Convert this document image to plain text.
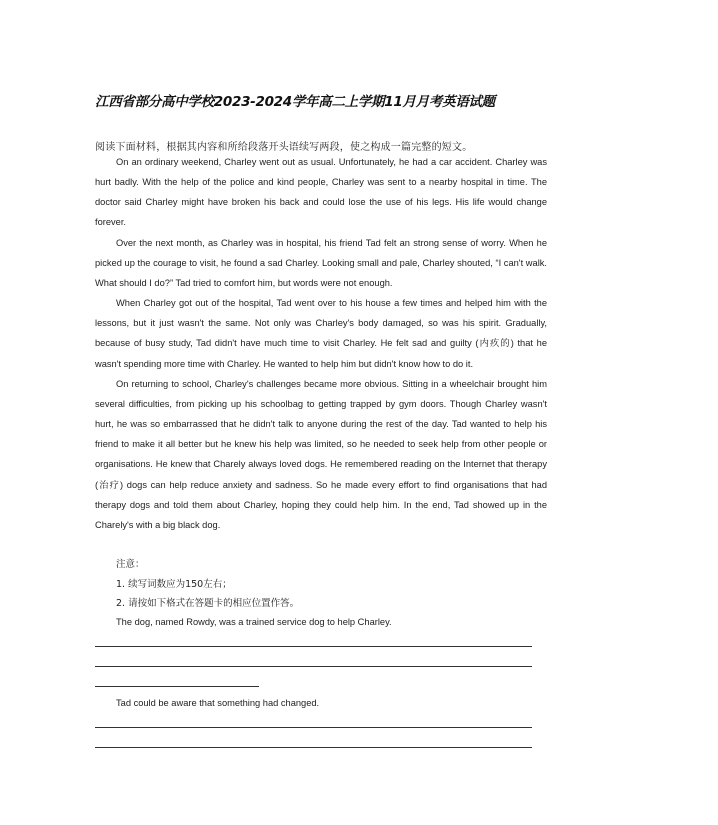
江西省部分高中学校2023-2024学年高二上学期11月月考英语试题
阅读下面材料，根据其内容和所给段落开头语续写两段，使之构成一篇完整的短文。

On an ordinary weekend, Charley went out as usual. Unfortunately, he had a car accident. Charley was hurt badly. With the help of the police and kind people, Charley was sent to a nearby hospital in time. The doctor said Charley might have broken his back and could lose the use of his legs. His life would change forever.

Over the next month, as Charley was in hospital, his friend Tad felt an strong sense of worry. When he picked up the courage to visit, he found a sad Charley. Looking small and pale, Charley shouted, “I can't walk. What should I do?” Tad tried to comfort him, but words were not enough.

When Charley got out of the hospital, Tad went over to his house a few times and helped him with the lessons, but it just wasn't the same. Not only was Charley's body damaged, so was his spirit. Gradually, because of busy study, Tad didn't have much time to visit Charley. He felt sad and guilty (内疚的) that he wasn't spending more time with Charley. He wanted to help him but didn't know how to do it.

On returning to school, Charley's challenges became more obvious. Sitting in a wheelchair brought him several difficulties, from picking up his schoolbag to getting trapped by gym doors. Though Charley wasn't hurt, he was so embarrassed that he didn't talk to anyone during the rest of the day. Tad wanted to help his friend to make it all better but he knew his help was limited, so he needed to seek help from other people or organisations. He knew that Charely always loved dogs. He remembered reading on the Internet that therapy (治疗) dogs can help reduce anxiety and sadness. So he made every effort to find organisations that had therapy dogs and told them about Charley, hoping they could help him. In the end, Tad showed up in the Charely's with a big black dog.

注意：
1. 续写词数应为150左右；
2. 请按如下格式在答题卡的相应位置作答。
The dog, named Rowdy, was a trained service dog to help Charley.
Tad could be aware that something had changed.
